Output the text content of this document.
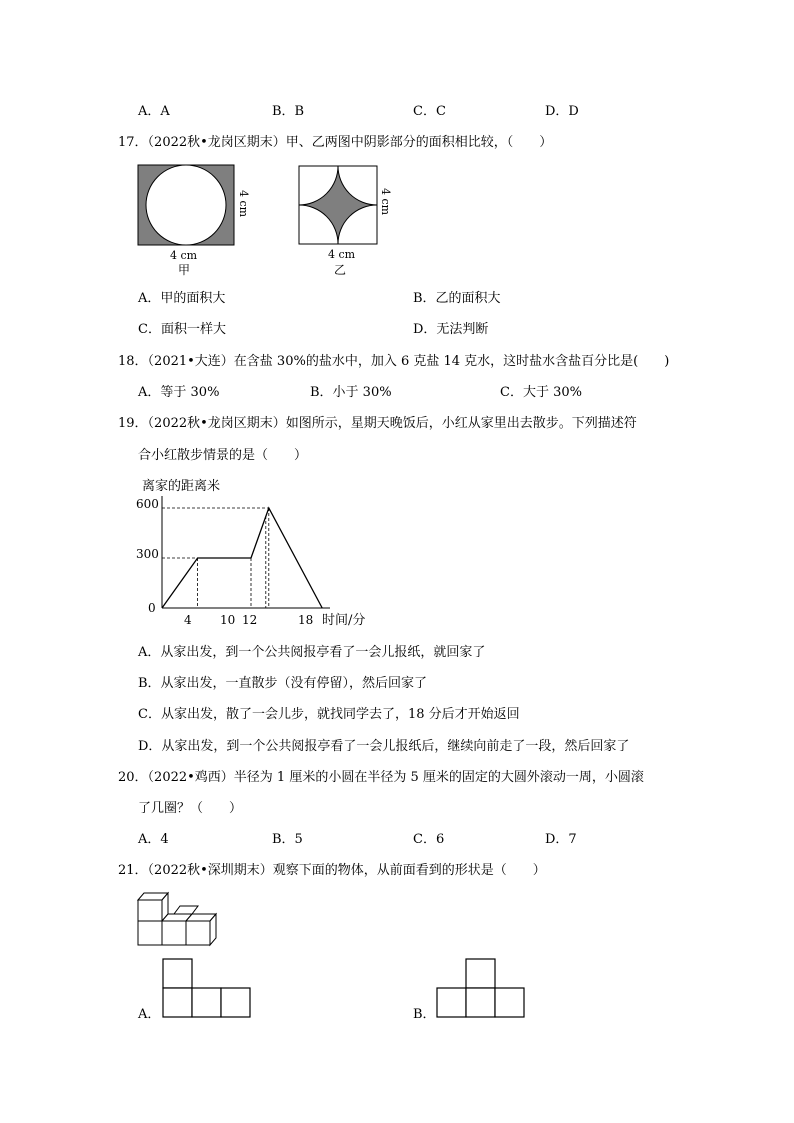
A．A	B．B	C．C	D．D
17．（2022秋•龙岗区期末）甲、乙两图中阴影部分的面积相比较，（　　）
4 cm
4 cm
甲
4 cm
4 cm
乙
A．甲的面积大	B．乙的面积大
C．面积一样大	D．无法判断
18．（2021•大连）在含盐 30%的盐水中，加入 6 克盐 14 克水，这时盐水含盐百分比是(　　)
A．等于 30%	B．小于 30%	C．大于 30%
19．（2022秋•龙岗区期末）如图所示，星期天晚饭后，小红从家里出去散步。下列描述符
合小红散步情景的是（　　）
离家的距离米
0
300
600
4 10 12	18 时间/分
A．从家出发，到一个公共阅报亭看了一会儿报纸，就回家了
B．从家出发，一直散步（没有停留），然后回家了
C．从家出发，散了一会儿步，就找同学去了，18 分后才开始返回
D．从家出发，到一个公共阅报亭看了一会儿报纸后，继续向前走了一段，然后回家了
20．（2022•鸡西）半径为 1 厘米的小圆在半径为 5 厘米的固定的大圆外滚动一周，小圆滚
了几圈？（　　）
A．4	B．5	C．6	D．7
21．（2022秋•深圳期末）观察下面的物体，从前面看到的形状是（　　）
A．	B．
